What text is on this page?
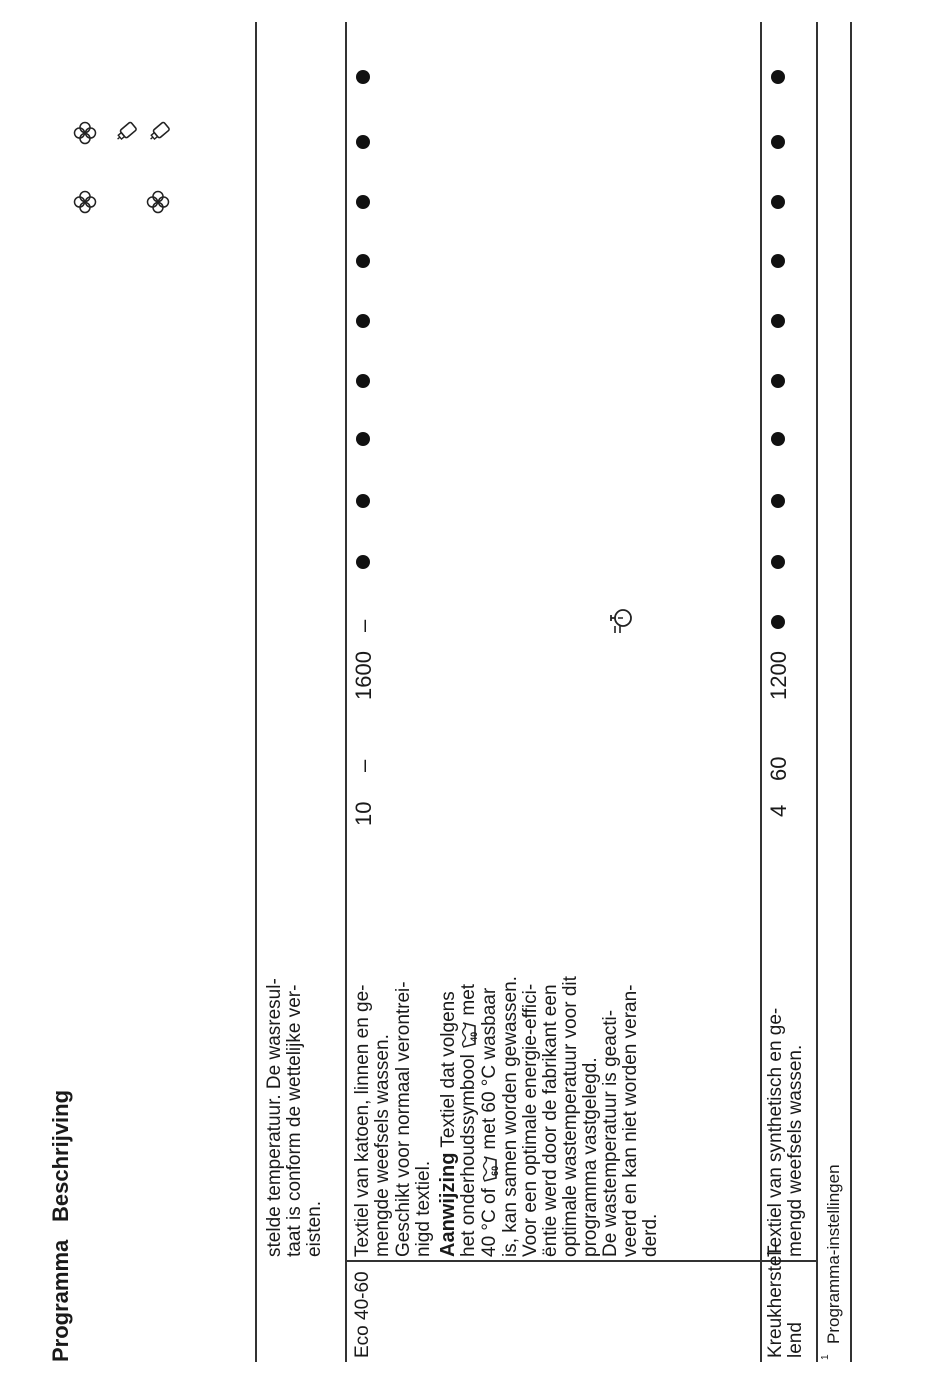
Programma
Beschrijving	stelde temperatuur. De wasresul- taat is conform de wettelijke ver- eisten.
Eco 40-60
Textiel van katoen, linnen en ge- mengde weefsels wassen. Geschikt voor normaal verontrei- nigd textiel. Aanwijzing Textiel dat volgens het onderhoudssymbool
40
met
40 °C of
60
met 60 °C wasbaar is, kan samen worden gewassen. Voor een optimale energie-effici- ëntie werd door de fabrikant een optimale wastemperatuur voor dit programma vastgelegd. De wastemperatuur is geacti- veerd en kan niet worden veran- derd.
10
–
1600
–
Kreukherstel- lend
Textiel van synthetisch en ge- mengd weefsels wassen.
4
60
1200
1
Programma-instellingen
